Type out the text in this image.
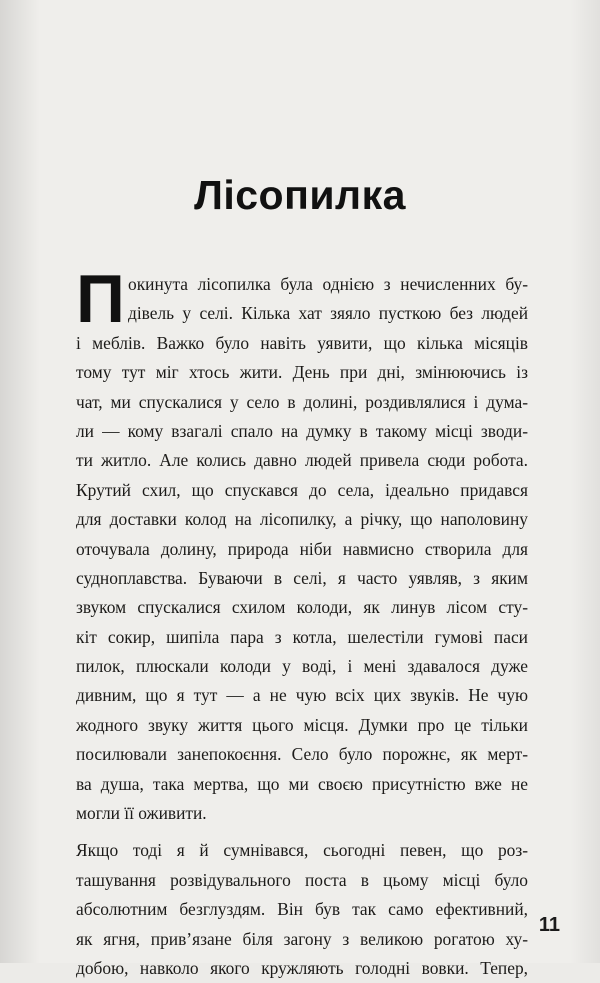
Лісопилка
П окинута лісопилка була однією з нечисленних бу-
дівель у селі. Кілька хат зяяло пусткою без людей
і меблів. Важко було навіть уявити, що кілька місяців
тому тут міг хтось жити. День при дні, змінюючись із
чат, ми спускалися у село в долині, роздивлялися і дума-
ли — кому взагалі спало на думку в такому місці зводи-
ти житло. Але колись давно людей привела сюди робота.
Крутий схил, що спускався до села, ідеально придався
для доставки колод на лісопилку, а річку, що наполовину
оточувала долину, природа ніби навмисно створила для
судноплавства. Буваючи в селі, я часто уявляв, з яким
звуком спускалися схилом колоди, як линув лісом сту-
кіт сокир, шипіла пара з котла, шелестіли гумові паси
пилок, плюскали колоди у воді, і мені здавалося дуже
дивним, що я тут — а не чую всіх цих звуків. Не чую
жодного звуку життя цього місця. Думки про це тільки
посилювали занепокоєння. Село було порожнє, як мерт-
ва душа, така мертва, що ми своєю присутністю вже не
могли її оживити.
Якщо тоді я й сумнівався, сьогодні певен, що роз-
ташування розвідувального поста в цьому місці було
абсолютним безглуздям. Він був так само ефективний,
як ягня, прив’язане біля загону з великою рогатою ху-
добою, навколо якого кружляють голодні вовки. Тепер,
11
